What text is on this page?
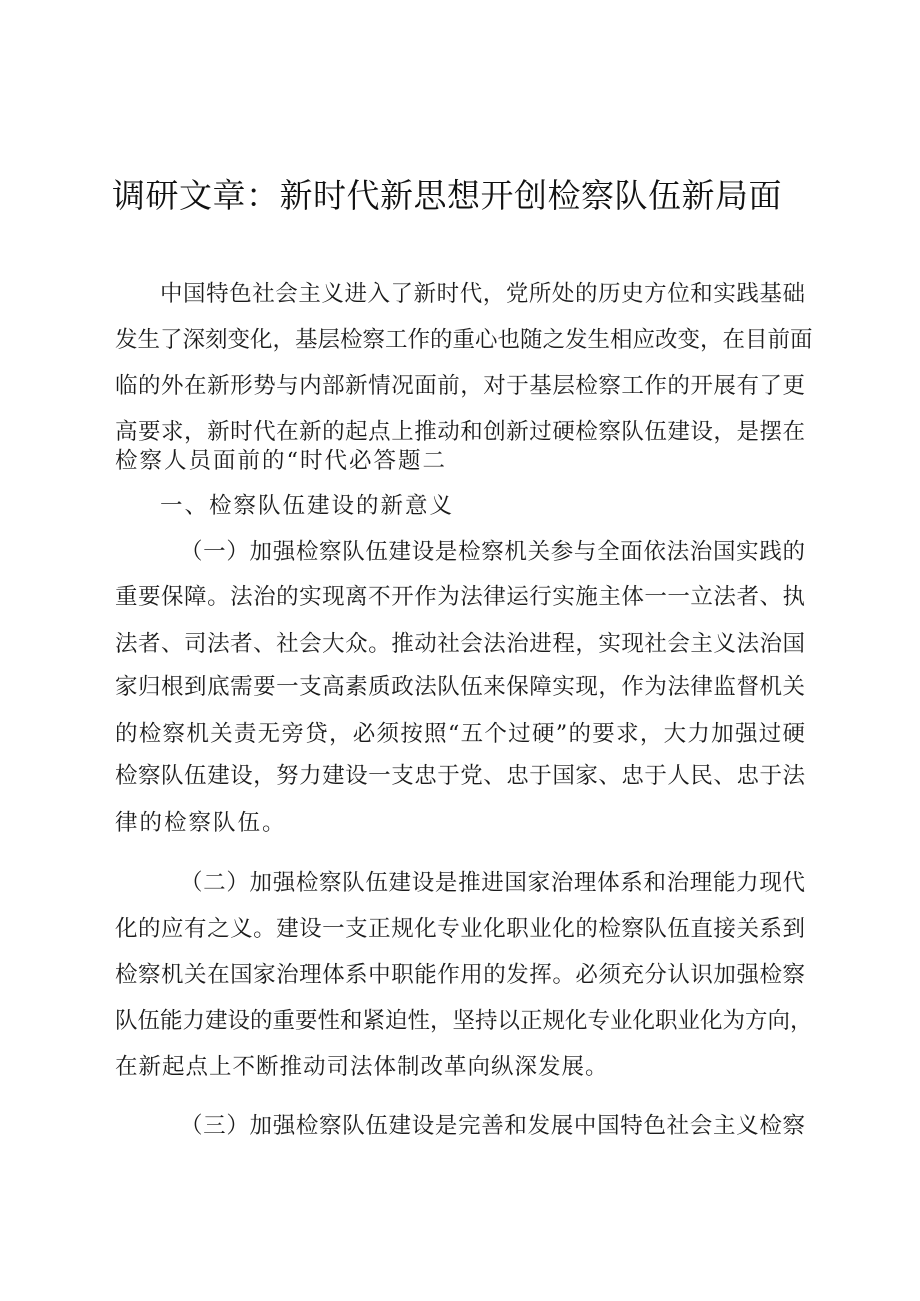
调研文章：新时代新思想开创检察队伍新局面
中国特色社会主义进入了新时代，党所处的历史方位和实践基础
发生了深刻变化，基层检察工作的重心也随之发生相应改变，在目前面
临的外在新形势与内部新情况面前，对于基层检察工作的开展有了更
高要求，新时代在新的起点上推动和创新过硬检察队伍建设，是摆在
检察人员面前的“时代必答题二
一、检察队伍建设的新意义
（一）加强检察队伍建设是检察机关参与全面依法治国实践的
重要保障。法治的实现离不开作为法律运行实施主体一一立法者、执
法者、司法者、社会大众。推动社会法治进程，实现社会主义法治国
家归根到底需要一支高素质政法队伍来保障实现，作为法律监督机关
的检察机关责无旁贷，必须按照“五个过硬”的要求，大力加强过硬
检察队伍建设，努力建设一支忠于党、忠于国家、忠于人民、忠于法
律的检察队伍。
（二）加强检察队伍建设是推进国家治理体系和治理能力现代
化的应有之义。建设一支正规化专业化职业化的检察队伍直接关系到
检察机关在国家治理体系中职能作用的发挥。必须充分认识加强检察
队伍能力建设的重要性和紧迫性，坚持以正规化专业化职业化为方向，
在新起点上不断推动司法体制改革向纵深发展。
（三）加强检察队伍建设是完善和发展中国特色社会主义检察
